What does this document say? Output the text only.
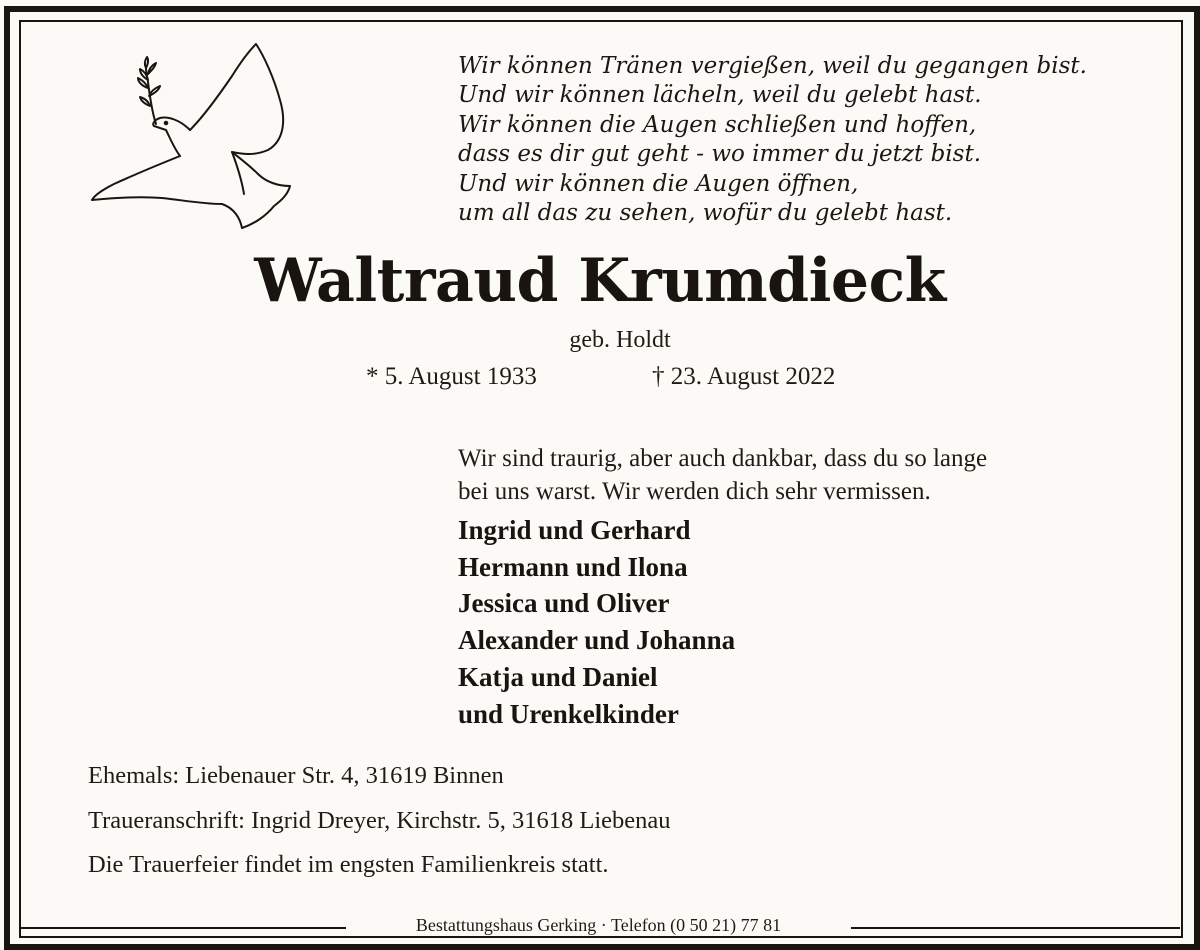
Wir können Tränen vergießen, weil du gegangen bist.
Und wir können lächeln, weil du gelebt hast.
Wir können die Augen schließen und hoffen,
dass es dir gut geht - wo immer du jetzt bist.
Und wir können die Augen öffnen,
um all das zu sehen, wofür du gelebt hast.
Waltraud Krumdieck
geb. Holdt
* 5. August 1933	† 23. August 2022
Wir sind traurig, aber auch dankbar, dass du so lange
bei uns warst. Wir werden dich sehr vermissen.
Ingrid und Gerhard
Hermann und Ilona
Jessica und Oliver
Alexander und Johanna
Katja und Daniel
und Urenkelkinder
Ehemals: Liebenauer Str. 4, 31619 Binnen
Traueranschrift: Ingrid Dreyer, Kirchstr. 5, 31618 Liebenau
Die Trauerfeier findet im engsten Familienkreis statt.
Bestattungshaus Gerking · Telefon (0 50 21) 77 81
